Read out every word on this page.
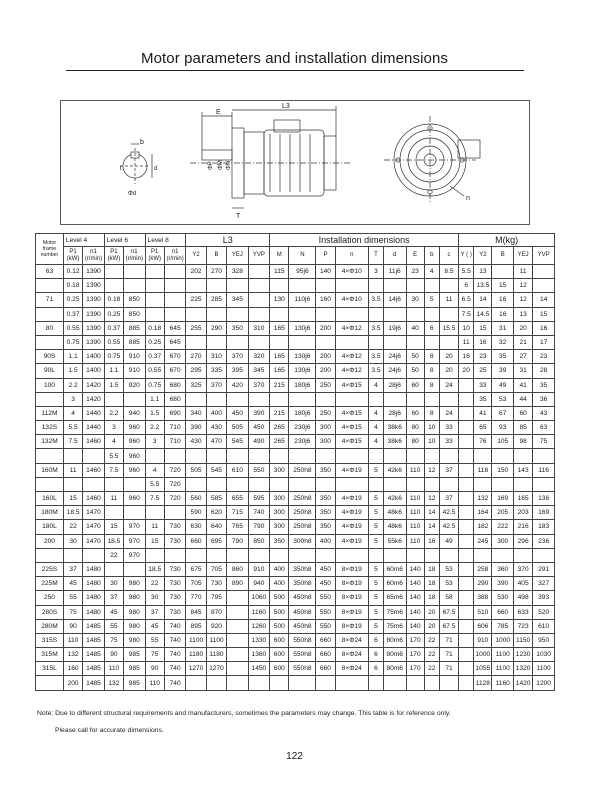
Motor parameters and installation dimensions
b
t	d
Φd
E
L3
ΦP ΦM ΦN
T
n
Motor frame number	Level 4		Level 6		Level 8		L3				Installation dimensions									M(kg)				
	P1 (kW)	n1 (r/min)	P1 (kW)	n1 (r/min)	P1 (kW)	n1 (r/min)	Y2	B	YEJ	YVP	M	N	P	n	T	d	E	b	c	Y ( )	Y2	B	YEJ	YVP
63	0.12	1390					202	270	328		115	95j6	140	4×Φ10	3	11j6	23	4	8.5	5.5	13		11	
	0.18	1390																		6	13.5	15	12	
71	0.25	1390	0.18	850			225	285	345		130	110j6	160	4×Φ10	3.5	14j6	30	5	11	6.5	14	16	12	14
	0.37	1390	0.25	850																7.5	14.5	16	13	15
80	0.55	1390	0.37	885	0.18	645	255	290	350	310	165	130j6	200	4×Φ12	3.5	19j6	40	6	15.5	10	15	31	20	16
	0.75	1390	0.55	885	0.25	645														11	16	32	21	17
90S	1.1	1400	0.75	910	0.37	670	270	310	370	320	165	130j6	200	4×Φ12	3.5	24j6	50	8	20	16	23	35	27	23
90L	1.5	1400	1.1	910	0.55	670	295	335	395	345	165	130j6	200	4×Φ12	3.5	24j6	50	8	20	20	25	39	31	28
100	2.2	1420	1.5	920	0.75	680	325	370	420	370	215	180j6	250	4×Φ15	4	28j6	60	8	24		33	49	41	35
	3	1420			1.1	680															35	53	44	36
112M	4	1440	2.2	940	1.5	690	340	400	450	390	215	180j6	250	4×Φ15	4	28j6	60	8	24		41	67	60	43
132S	5.5	1440	3	960	2.2	710	390	430	505	450	265	230j6	300	4×Φ15	4	38k6	80	10	33		65	93	85	63
132M	7.5	1460	4	960	3	710	430	470	545	490	265	230j6	300	4×Φ15	4	38k6	80	10	33		76	105	98	75
			5.5	960																				
160M	11	1460	7.5	960	4	720	505	545	610	550	300	250h8	350	4×Φ19	5	42k6	110	12	37		118	150	143	116
					5.5	720																		
160L	15	1460	11	960	7.5	720	560	585	655	595	300	250h8	350	4×Φ19	5	42k6	110	12	37		132	169	165	136
180M	18.5	1470					590	620	715	740	300	250h8	350	4×Φ19	5	48k6	110	14	42.5		164	205	203	169
180L	22	1470	15	970	11	730	630	640	765	790	300	250h8	350	4×Φ19	5	48k6	110	14	42.5		182	222	216	183
200	30	1470	18.5	970	15	730	660	695	790	850	350	300h8	400	4×Φ19	5	55k6	110	16	49		245	300	296	236
			22	970																				
225S	37	1480			18.5	730	675	705	860	910	400	350h8	450	8×Φ19	5	60m6	140	18	53		258	360	370	291
225M	45	1480	30	980	22	730	705	730	890	940	400	350h8	450	8×Φ19	5	60m6	140	18	53		290	390	405	327
250	55	1480	37	980	30	730	770	795		1060	500	450h8	550	8×Φ19	5	65m6	140	18	58		388	530	498	393
280S	75	1480	45	980	37	730	845	870		1160	500	450h8	550	8×Φ19	5	75m6	140	20	67.5		510	660	633	520
280M	90	1485	55	980	45	740	895	920		1260	500	450h8	550	8×Φ19	5	75m6	140	20	67.5		606	785	723	610
315S	110	1485	75	980	55	740	1100	1100		1330	600	550h8	660	8×Φ24	6	80m6	170	22	71		910	1000	1150	950
315M	132	1485	90	985	75	740	1180	1180		1360	600	550h8	660	8×Φ24	6	80m6	170	22	71		1000	1100	1230	1030
315L	160	1485	110	985	90	740	1270	1270		1450	600	550h8	660	8×Φ24	6	80m6	170	22	71		1055	1100	1320	1100
	200	1485	132	985	110	740															1128	1160	1420	1200
Note: Due to different structural requirements and manufacturers, sometimes the parameters may change. This table is for reference only.
Please call for accurate dimensions.
122
